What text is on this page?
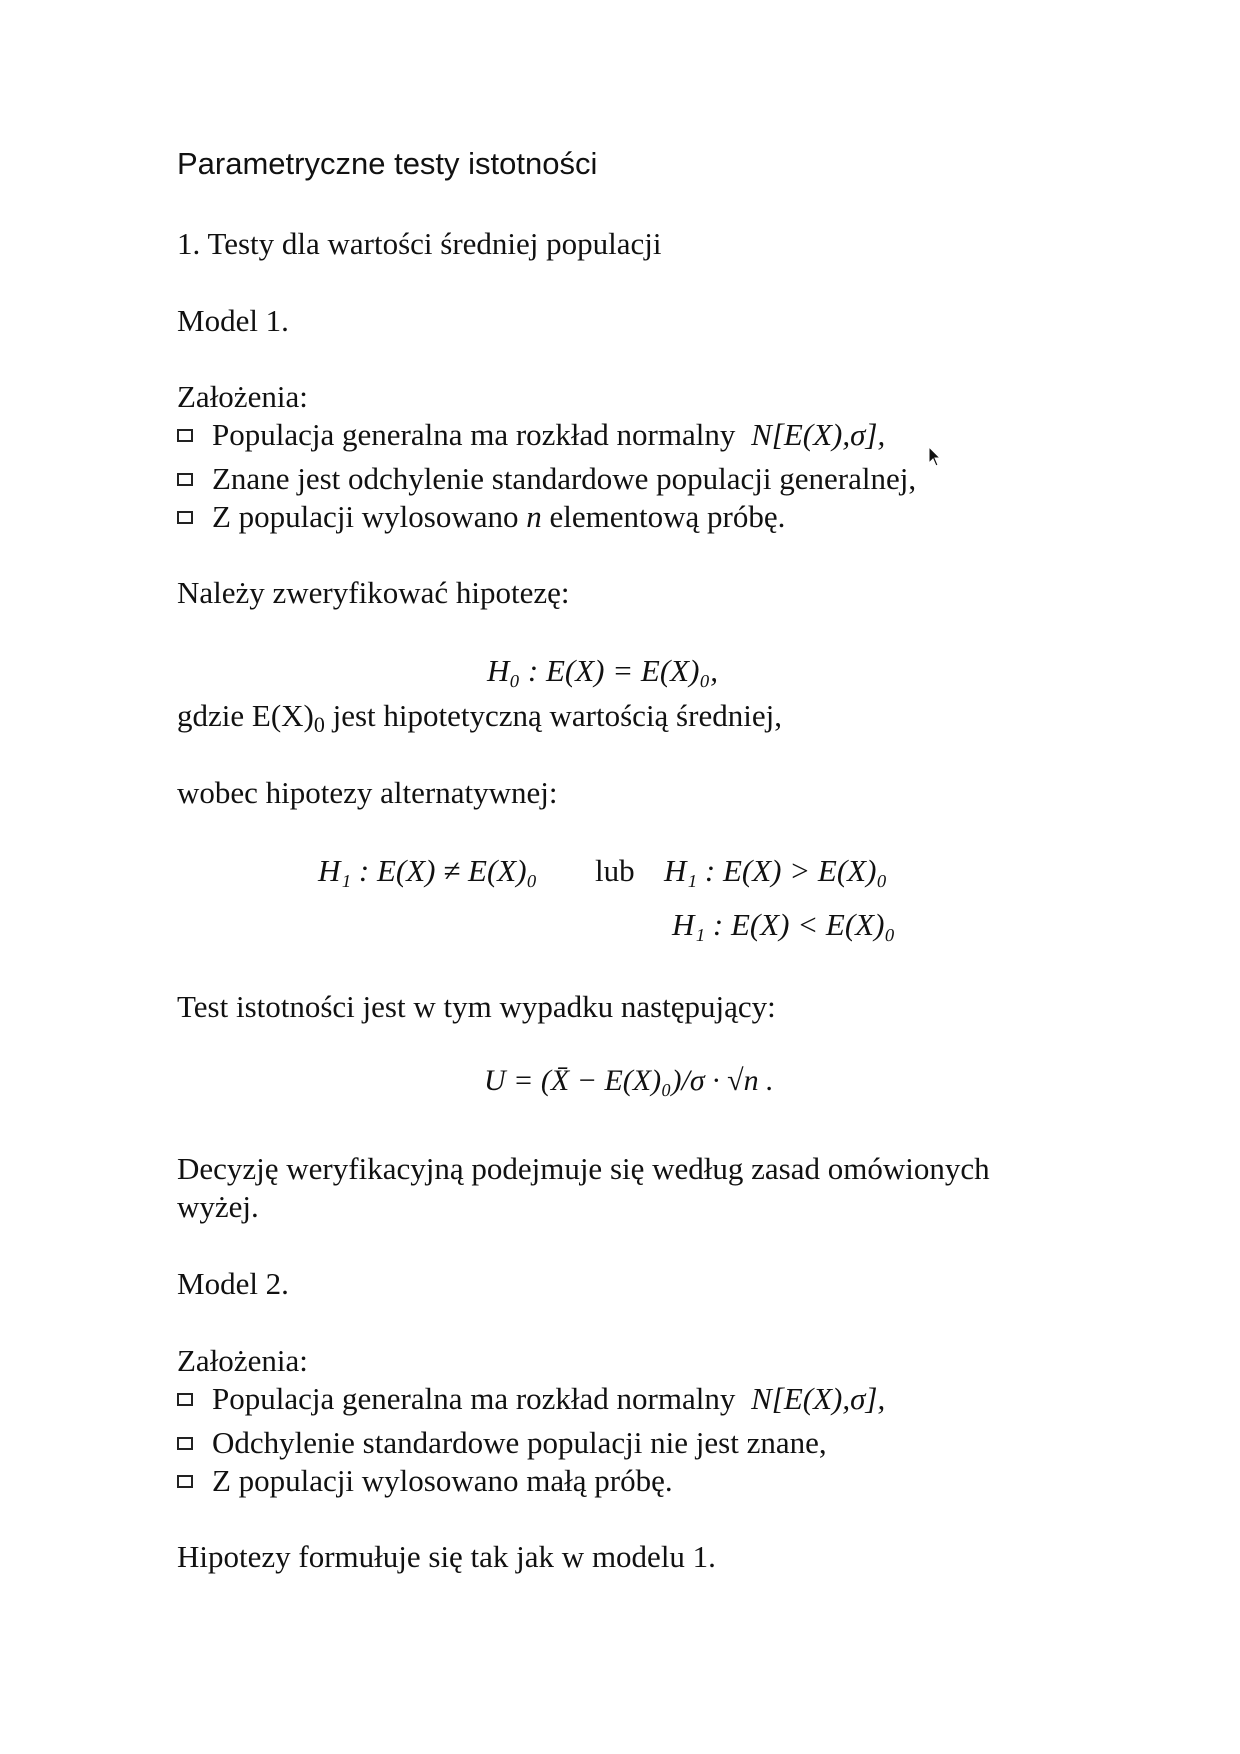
Parametryczne testy istotności
1. Testy dla wartości średniej populacji
Model 1.
Założenia:
Populacja generalna ma rozkład normalny N[E(X),σ],
Znane jest odchylenie standardowe populacji generalnej,
Z populacji wylosowano n elementową próbę.
Należy zweryfikować hipotezę:
H₀ : E(X) = E(X)₀,
gdzie $E(X)_0$ jest hipotetyczną wartością średniej,
wobec hipotezy alternatywnej:
H₁ : E(X) ≠ E(X)₀ lub H₁ : E(X) > E(X)₀
H₁ : E(X) < E(X)₀
Test istotności jest w tym wypadku następujący:
U = (X̄ − E(X)₀)/σ · √n .
Decyzję weryfikacyjną podejmuje się według zasad omówionych
wyżej.
Model 2.
Założenia:
Populacja generalna ma rozkład normalny N[E(X),σ],
Odchylenie standardowe populacji nie jest znane,
Z populacji wylosowano małą próbę.
Hipotezy formułuje się tak jak w modelu 1.
